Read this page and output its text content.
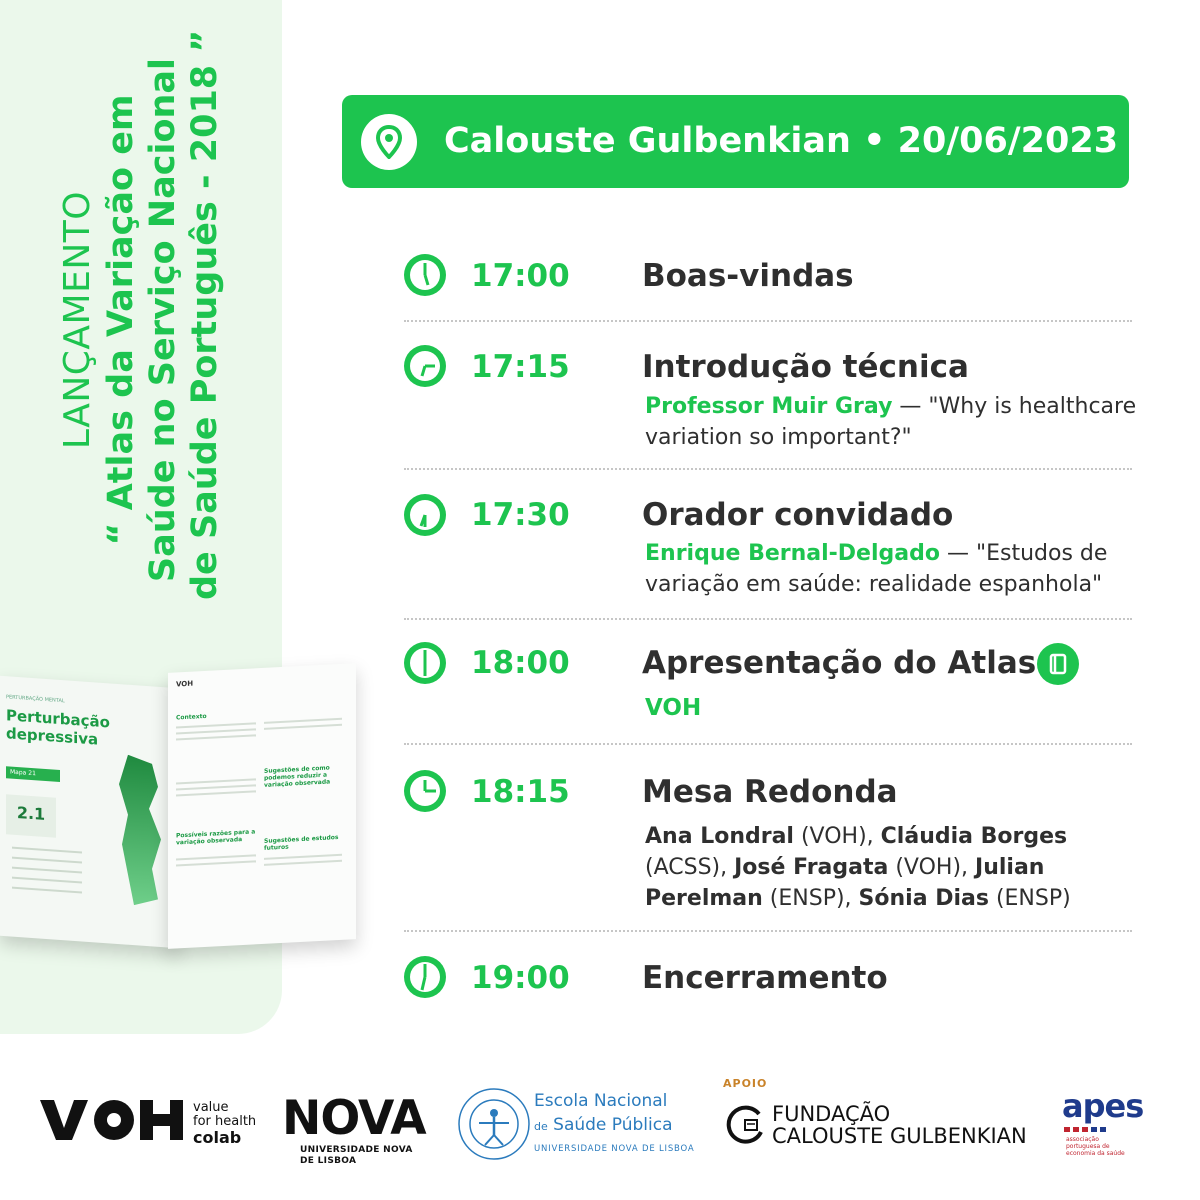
LANÇAMENTO “ Atlas da Variação em Saúde no Serviço Nacional de Saúde Português - 2018 ”
PERTURBAÇÃO MENTAL
Perturbação depressiva
Mapa 21
2.1
VOH
Contexto
Sugestões de como podemos reduzir a variação observada
Possíveis razões para a variação observada	Sugestões de estudos futuros
Calouste Gulbenkian • 20/06/2023
17:00 Boas-vindas
17:15 Introdução técnica
Professor Muir Gray — "Why is healthcare variation so important?"
17:30 Orador convidado
Enrique Bernal-Delgado — "Estudos de variação em saúde: realidade espanhola"
18:00 Apresentação do Atlas
VOH
18:15 Mesa Redonda
Ana Londral (VOH), Cláudia Borges (ACSS), José Fragata (VOH), Julian Perelman (ENSP), Sónia Dias (ENSP)
19:00 Encerramento
value
for health
colab NOVA
UNIVERSIDADE NOVA
DE LISBOA
Escola Nacional
de Saúde Pública
UNIVERSIDADE NOVA DE LISBOA
APOIO
FUNDAÇÃO
CALOUSTE GULBENKIAN
apes
associação portuguesa de economia da saúde
